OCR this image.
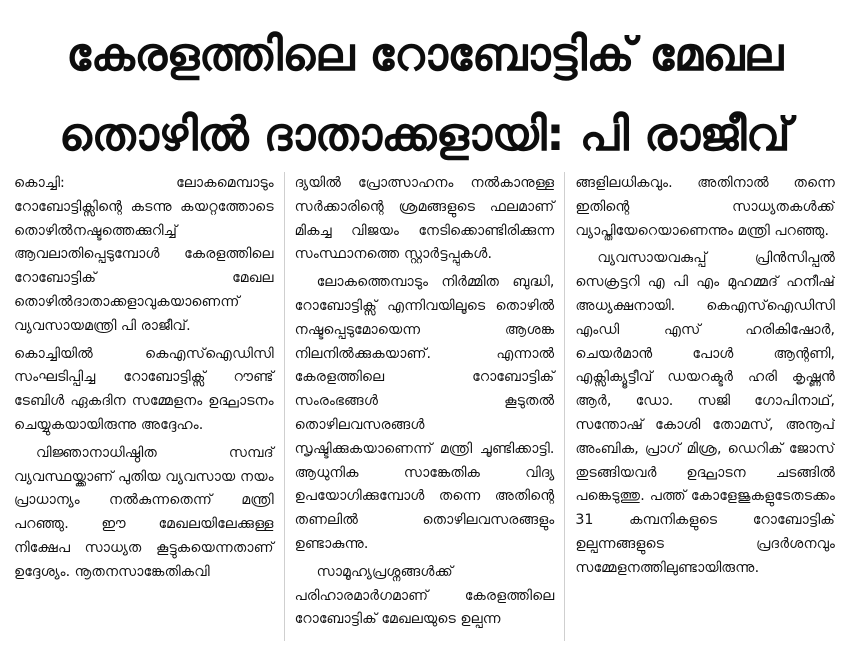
കേരളത്തിലെ റോബോട്ടിക് മേഖല
തൊഴിൽ ദാതാക്കളായി: പി രാജീവ്

കൊച്ചി: ലോകമെമ്പാടും റോബോട്ടിക്സിന്റെ കടന്നു കയറ്റത്തോടെ തൊഴിൽനഷ്ടത്തെക്കുറിച്ച് ആവലാതിപ്പെടുമ്പോൾ കേരളത്തിലെ റോബോട്ടിക് മേഖല തൊഴിൽദാതാക്കളാവുകയാണെന്ന് വ്യവസായമന്ത്രി പി രാജീവ്.

കൊച്ചിയിൽ കെഎസ്ഐഡിസി സംഘടിപ്പിച്ച റോബോട്ടിക്സ് റൗണ്ട് ടേബിൾ ഏകദിന സമ്മേളനം ഉദ്ഘാടനം ചെയ്യുകയായിരുന്നു അദ്ദേഹം.

വിജ്ഞാനാധിഷ്ഠിത സമ്പദ് വ്യവസ്ഥയ്ക്കാണ് പുതിയ വ്യവസായ നയം പ്രാധാന്യം നൽകുന്നതെന്ന് മന്ത്രി പറഞ്ഞു. ഈ മേഖലയിലേക്കുള്ള നിക്ഷേപ സാധ്യത കൂട്ടുകയെന്നതാണ് ഉദ്ദേശ്യം. നൂതനസാങ്കേതികവി

ദ്യയിൽ പ്രോത്സാഹനം നൽകാനുള്ള സർക്കാരിന്റെ ശ്രമങ്ങളുടെ ഫലമാണ് മികച്ച വിജയം നേടിക്കൊണ്ടിരിക്കുന്ന സംസ്ഥാനത്തെ സ്റ്റാർട്ടപ്പുകൾ.

ലോകത്തെമ്പാടും നിർമ്മിത ബുദ്ധി, റോബോട്ടിക്സ് എന്നിവയിലൂടെ തൊഴിൽ നഷ്ടപ്പെടുമോയെന്ന ആശങ്ക നിലനിൽക്കുകയാണ്. എന്നാൽ കേരളത്തിലെ റോബോട്ടിക് സംരംഭങ്ങൾ കൂടുതൽ തൊഴിലവസരങ്ങൾ സൃഷ്ടിക്കുകയാണെന്ന് മന്ത്രി ചൂണ്ടിക്കാട്ടി. ആധുനിക സാങ്കേതിക വിദ്യ ഉപയോഗിക്കുമ്പോൾ തന്നെ അതിന്റെ തണലിൽ തൊഴിലവസരങ്ങളും ഉണ്ടാകുന്നു.

സാമൂഹ്യപ്രശ്നങ്ങൾക്ക് പരിഹാരമാർഗമാണ് കേരളത്തിലെ റോബോട്ടിക് മേഖലയുടെ ഉല്പന്ന

ങ്ങളിലധികവും. അതിനാൽ തന്നെ ഇതിന്റെ സാധ്യതകൾക്ക് വ്യാപ്തിയേറെയാണെന്നും മന്ത്രി പറഞ്ഞു.

വ്യവസായവകുപ്പ് പ്രിൻസിപ്പൽ സെക്രട്ടറി എ പി എം മുഹമ്മദ് ഹനീഷ് അധ്യക്ഷനായി. കെഎസ്ഐഡിസി എംഡി എസ് ഹരികിഷോർ, ചെയർമാൻ പോൾ ആന്റണി, എക്സിക്യൂട്ടീവ് ഡയറക്ടർ ഹരി കൃഷ്ണൻ ആർ, ഡോ. സജി ഗോപിനാഥ്, സന്തോഷ് കോശി തോമസ്, അനൂപ് അംബിക, പ്രാഗ് മിശ്ര, ഡെറിക് ജോസ് തുടങ്ങിയവർ ഉദ്ഘാടന ചടങ്ങിൽ പങ്കെടുത്തു. പത്ത് കോളേജുകളുടേതടക്കം 31 കമ്പനികളുടെ റോബോട്ടിക് ഉല്പന്നങ്ങളുടെ പ്രദർശനവും സമ്മേളനത്തിലുണ്ടായിരുന്നു.
